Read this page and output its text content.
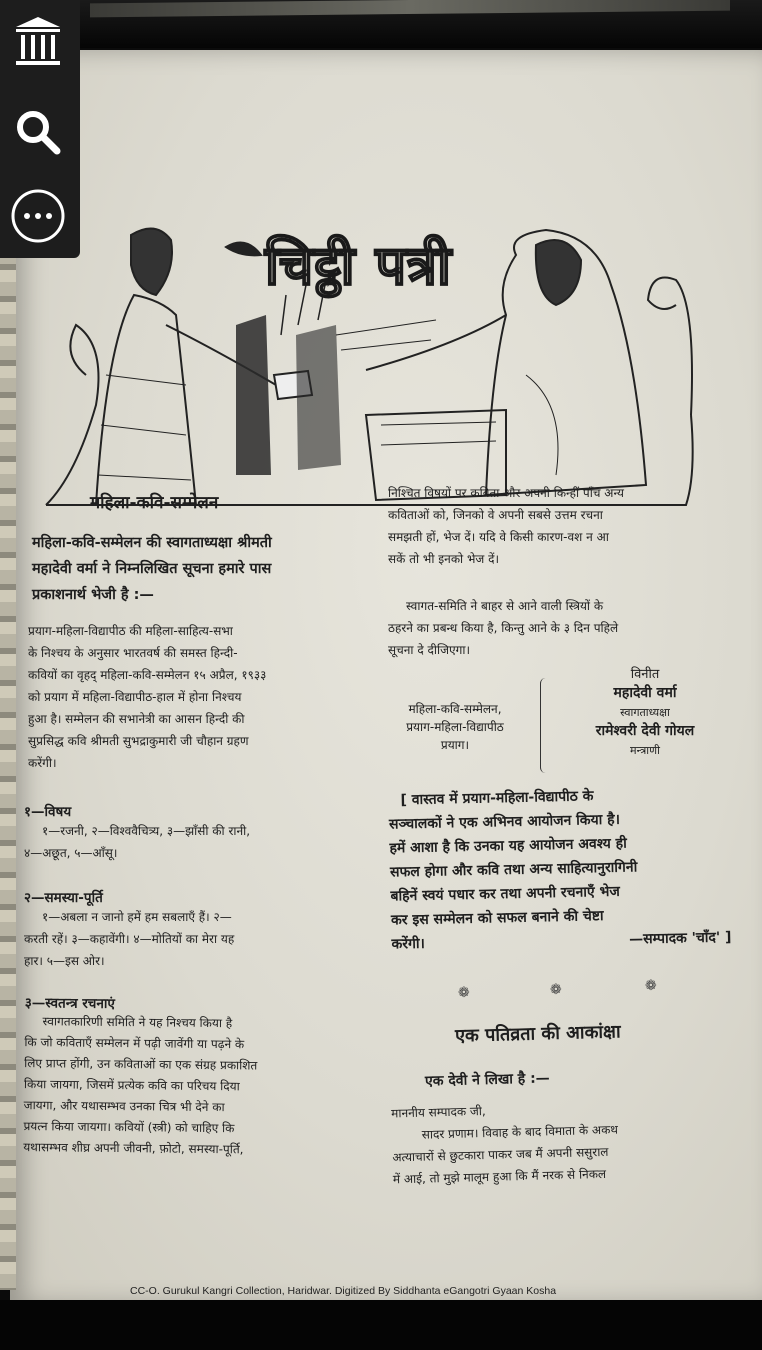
चिट्ठी पत्री
महिला-कवि-सम्मेलन
महिला-कवि-सम्मेलन की स्वागताध्यक्षा श्रीमती
महादेवी वर्मा ने निम्नलिखित सूचना हमारे पास
प्रकाशनार्थ भेजी है :—
प्रयाग-महिला-विद्यापीठ की महिला-साहित्य-सभा
के निश्चय के अनुसार भारतवर्ष की समस्त हिन्दी-
कवियों का वृहद् महिला-कवि-सम्मेलन १५ अप्रैल, १९३३
को प्रयाग में महिला-विद्यापीठ-हाल में होना निश्चय
हुआ है। सम्मेलन की सभानेत्री का आसन हिन्दी की
सुप्रसिद्ध कवि श्रीमती सुभद्राकुमारी जी चौहान ग्रहण
करेंगी।
१—विषय
१—रजनी, २—विश्ववैचित्र्य, ३—झाँसी की रानी,
४—अछूत, ५—आँसू।
२—समस्या-पूर्ति
१—अबला न जानो हमें हम सबलाएँ हैं। २—
करती रहें। ३—कहावेंगी। ४—मोतियों का मेरा यह
हार। ५—इस ओर।
३—स्वतन्त्र रचनाएं
स्वागतकारिणी समिति ने यह निश्चय किया है
कि जो कविताएँ सम्मेलन में पढ़ी जावेंगी या पढ़ने के
लिए प्राप्त होंगी, उन कविताओं का एक संग्रह प्रकाशित
किया जायगा, जिसमें प्रत्येक कवि का परिचय दिया
जायगा, और यथासम्भव उनका चित्र भी देने का
प्रयत्न किया जायगा। कवियों (स्त्री) को चाहिए कि
यथासम्भव शीघ्र अपनी जीवनी, फ़ोटो, समस्या-पूर्ति,
निश्चित विषयों पर कविता और अपनी किन्हीं पाँच अन्य
कविताओं को, जिनको वे अपनी सबसे उत्तम रचना
समझती हों, भेज दें। यदि वे किसी कारण-वश न आ
सकें तो भी इनको भेज दें।
स्वागत-समिति ने बाहर से आने वाली स्त्रियों के
ठहरने का प्रबन्ध किया है, किन्तु आने के ३ दिन पहिले
सूचना दे दीजिएगा।
महिला-कवि-सम्मेलन,
प्रयाग-महिला-विद्यापीठ
प्रयाग।
विनीत
महादेवी वर्मा
स्वागताध्यक्षा
रामेश्वरी देवी गोयल
मन्त्राणी
[ वास्तव में प्रयाग-महिला-विद्यापीठ के
सञ्चालकों ने एक अभिनव आयोजन किया है।
हमें आशा है कि उनका यह आयोजन अवश्य ही
सफल होगा और कवि तथा अन्य साहित्यानुरागिनी
बहिनें स्वयं पधार कर तथा अपनी रचनाएँ भेज
कर इस सम्मेलन को सफल बनाने की चेष्टा
करेंगी।	—सम्पादक 'चाँद' ]
❁	❁	❁
एक पतिव्रता की आकांक्षा
एक देवी ने लिखा है :—
माननीय सम्पादक जी,
सादर प्रणाम। विवाह के बाद विमाता के अकथ
अत्याचारों से छुटकारा पाकर जब मैं अपनी ससुराल
में आई, तो मुझे मालूम हुआ कि मैं नरक से निकल
CC-O. Gurukul Kangri Collection, Haridwar. Digitized By Siddhanta eGangotri Gyaan Kosha
